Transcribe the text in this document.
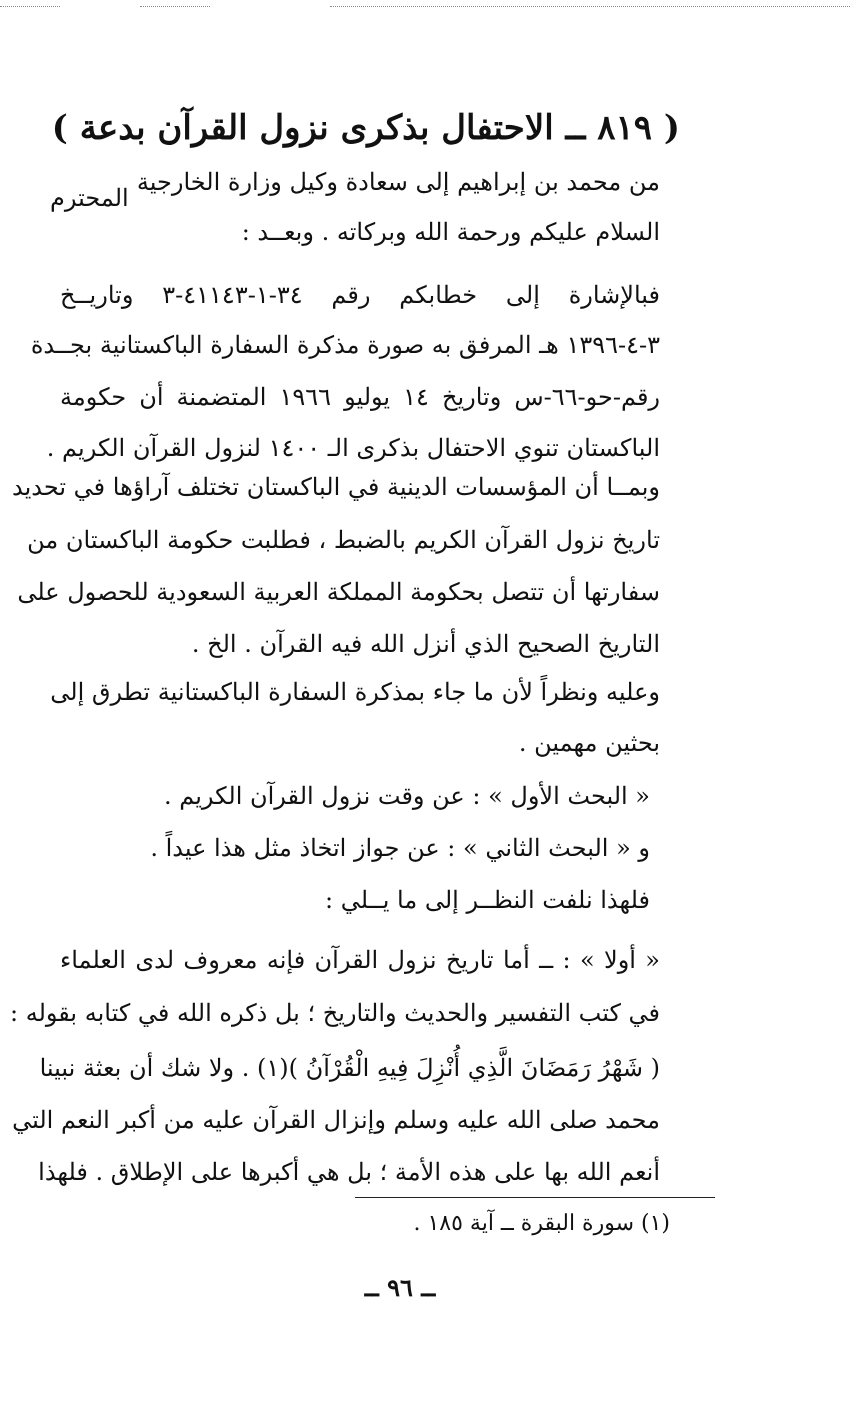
( ٨١٩ ــ الاحتفال بذكرى نزول القرآن بدعة )
من محمد بن إبراهيم إلى سعادة وكيل وزارة الخارجية
المحترم
السلام عليكم ورحمة الله وبركاته . وبعــد :
فبالإشارة إلى خطابكم رقم ٣٤-١-٤١١٤٣-٣ وتاريــخ
٣-٤-١٣٩٦ هـ المرفق به صورة مذكرة السفارة الباكستانية بجــدة
رقم-حو-٦٦-س وتاريخ ١٤ يوليو ١٩٦٦ المتضمنة أن حكومة
الباكستان تنوي الاحتفال بذكرى الـ ١٤٠٠ لنزول القرآن الكريم .
وبمــا أن المؤسسات الدينية في الباكستان تختلف آراؤها في تحديد
تاريخ نزول القرآن الكريم بالضبط ، فطلبت حكومة الباكستان من
سفارتها أن تتصل بحكومة المملكة العربية السعودية للحصول على
التاريخ الصحيح الذي أنزل الله فيه القرآن . الخ .
وعليه ونظراً لأن ما جاء بمذكرة السفارة الباكستانية تطرق إلى
بحثين مهمين .
« البحث الأول » : عن وقت نزول القرآن الكريم .
و « البحث الثاني » : عن جواز اتخاذ مثل هذا عيداً .
فلهذا نلفت النظــر إلى ما يــلي :
« أولا » : ــ أما تاريخ نزول القرآن فإنه معروف لدى العلماء
في كتب التفسير والحديث والتاريخ ؛ بل ذكره الله في كتابه بقوله :
( شَهْرُ رَمَضَانَ الَّذِي أُنْزِلَ فِيهِ الْقُرْآنُ )(١) . ولا شك أن بعثة نبينا
محمد صلى الله عليه وسلم وإنزال القرآن عليه من أكبر النعم التي
أنعم الله بها على هذه الأمة ؛ بل هي أكبرها على الإطلاق . فلهذا
(١) سورة البقرة ــ آية ١٨٥ .
ــ ٩٦ ــ
